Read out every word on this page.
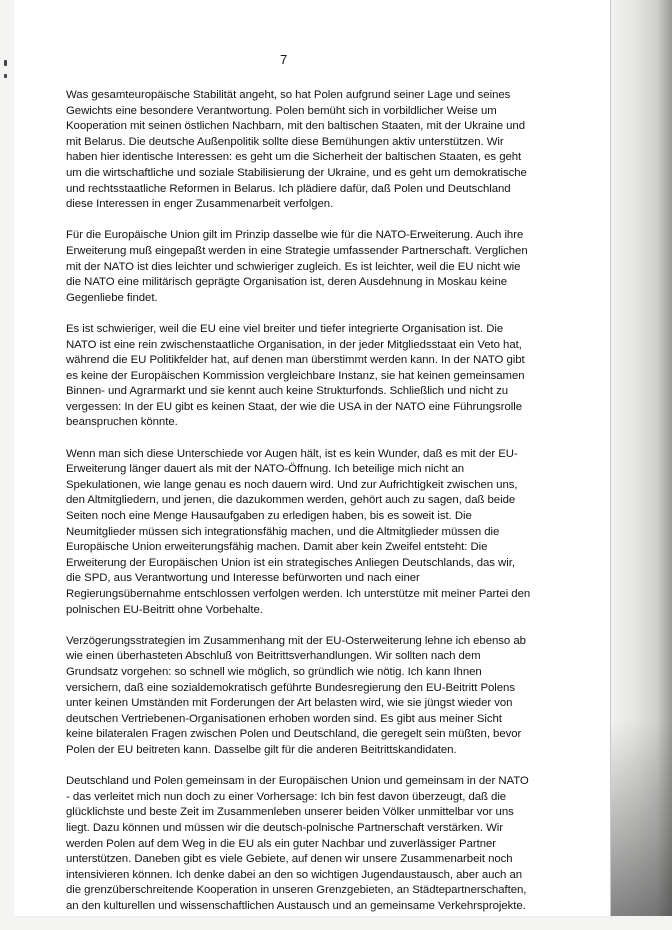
7

Was gesamteuropäische Stabilität angeht, so hat Polen aufgrund seiner Lage und seines
Gewichts eine besondere Verantwortung. Polen bemüht sich in vorbildlicher Weise um
Kooperation mit seinen östlichen Nachbarn, mit den baltischen Staaten, mit der Ukraine und
mit Belarus. Die deutsche Außenpolitik sollte diese Bemühungen aktiv unterstützen. Wir
haben hier identische Interessen: es geht um die Sicherheit der baltischen Staaten, es geht
um die wirtschaftliche und soziale Stabilisierung der Ukraine, und es geht um demokratische
und rechtsstaatliche Reformen in Belarus. Ich plädiere dafür, daß Polen und Deutschland
diese Interessen in enger Zusammenarbeit verfolgen.

Für die Europäische Union gilt im Prinzip dasselbe wie für die NATO-Erweiterung. Auch ihre
Erweiterung muß eingepaßt werden in eine Strategie umfassender Partnerschaft. Verglichen
mit der NATO ist dies leichter und schwieriger zugleich. Es ist leichter, weil die EU nicht wie
die NATO eine militärisch geprägte Organisation ist, deren Ausdehnung in Moskau keine
Gegenliebe findet.

Es ist schwieriger, weil die EU eine viel breiter und tiefer integrierte Organisation ist. Die
NATO ist eine rein zwischenstaatliche Organisation, in der jeder Mitgliedsstaat ein Veto hat,
während die EU Politikfelder hat, auf denen man überstimmt werden kann. In der NATO gibt
es keine der Europäischen Kommission vergleichbare Instanz, sie hat keinen gemeinsamen
Binnen- und Agrarmarkt und sie kennt auch keine Strukturfonds. Schließlich und nicht zu
vergessen: In der EU gibt es keinen Staat, der wie die USA in der NATO eine Führungsrolle
beanspruchen könnte.

Wenn man sich diese Unterschiede vor Augen hält, ist es kein Wunder, daß es mit der EU-
Erweiterung länger dauert als mit der NATO-Öffnung. Ich beteilige mich nicht an
Spekulationen, wie lange genau es noch dauern wird. Und zur Aufrichtigkeit zwischen uns,
den Altmitgliedern, und jenen, die dazukommen werden, gehört auch zu sagen, daß beide
Seiten noch eine Menge Hausaufgaben zu erledigen haben, bis es soweit ist. Die
Neumitglieder müssen sich integrationsfähig machen, und die Altmitglieder müssen die
Europäische Union erweiterungsfähig machen. Damit aber kein Zweifel entsteht: Die
Erweiterung der Europäischen Union ist ein strategisches Anliegen Deutschlands, das wir,
die SPD, aus Verantwortung und Interesse befürworten und nach einer
Regierungsübernahme entschlossen verfolgen werden. Ich unterstütze mit meiner Partei den
polnischen EU-Beitritt ohne Vorbehalte.

Verzögerungsstrategien im Zusammenhang mit der EU-Osterweiterung lehne ich ebenso ab
wie einen überhasteten Abschluß von Beitrittsverhandlungen. Wir sollten nach dem
Grundsatz vorgehen: so schnell wie möglich, so gründlich wie nötig. Ich kann Ihnen
versichern, daß eine sozialdemokratisch geführte Bundesregierung den EU-Beitritt Polens
unter keinen Umständen mit Forderungen der Art belasten wird, wie sie jüngst wieder von
deutschen Vertriebenen-Organisationen erhoben worden sind. Es gibt aus meiner Sicht
keine bilateralen Fragen zwischen Polen und Deutschland, die geregelt sein müßten, bevor
Polen der EU beitreten kann. Dasselbe gilt für die anderen Beitrittskandidaten.

Deutschland und Polen gemeinsam in der Europäischen Union und gemeinsam in der NATO
- das verleitet mich nun doch zu einer Vorhersage: Ich bin fest davon überzeugt, daß die
glücklichste und beste Zeit im Zusammenleben unserer beiden Völker unmittelbar vor uns
liegt. Dazu können und müssen wir die deutsch-polnische Partnerschaft verstärken. Wir
werden Polen auf dem Weg in die EU als ein guter Nachbar und zuverlässiger Partner
unterstützen. Daneben gibt es viele Gebiete, auf denen wir unsere Zusammenarbeit noch
intensivieren können. Ich denke dabei an den so wichtigen Jugendaustausch, aber auch an
die grenzüberschreitende Kooperation in unseren Grenzgebieten, an Städtepartnerschaften,
an den kulturellen und wissenschaftlichen Austausch und an gemeinsame Verkehrsprojekte.
